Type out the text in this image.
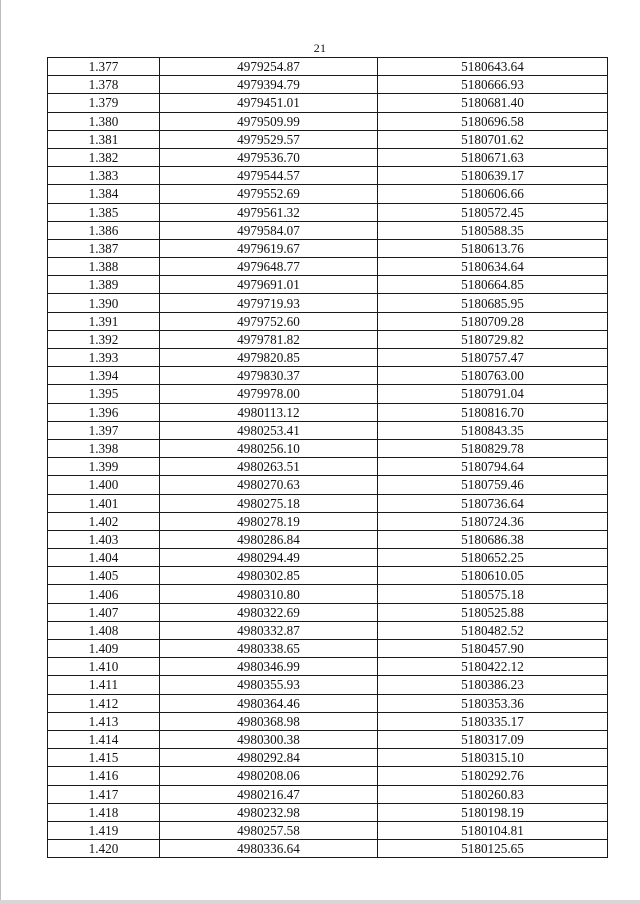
21
1.377	4979254.87	5180643.64
1.378	4979394.79	5180666.93
1.379	4979451.01	5180681.40
1.380	4979509.99	5180696.58
1.381	4979529.57	5180701.62
1.382	4979536.70	5180671.63
1.383	4979544.57	5180639.17
1.384	4979552.69	5180606.66
1.385	4979561.32	5180572.45
1.386	4979584.07	5180588.35
1.387	4979619.67	5180613.76
1.388	4979648.77	5180634.64
1.389	4979691.01	5180664.85
1.390	4979719.93	5180685.95
1.391	4979752.60	5180709.28
1.392	4979781.82	5180729.82
1.393	4979820.85	5180757.47
1.394	4979830.37	5180763.00
1.395	4979978.00	5180791.04
1.396	4980113.12	5180816.70
1.397	4980253.41	5180843.35
1.398	4980256.10	5180829.78
1.399	4980263.51	5180794.64
1.400	4980270.63	5180759.46
1.401	4980275.18	5180736.64
1.402	4980278.19	5180724.36
1.403	4980286.84	5180686.38
1.404	4980294.49	5180652.25
1.405	4980302.85	5180610.05
1.406	4980310.80	5180575.18
1.407	4980322.69	5180525.88
1.408	4980332.87	5180482.52
1.409	4980338.65	5180457.90
1.410	4980346.99	5180422.12
1.411	4980355.93	5180386.23
1.412	4980364.46	5180353.36
1.413	4980368.98	5180335.17
1.414	4980300.38	5180317.09
1.415	4980292.84	5180315.10
1.416	4980208.06	5180292.76
1.417	4980216.47	5180260.83
1.418	4980232.98	5180198.19
1.419	4980257.58	5180104.81
1.420	4980336.64	5180125.65
